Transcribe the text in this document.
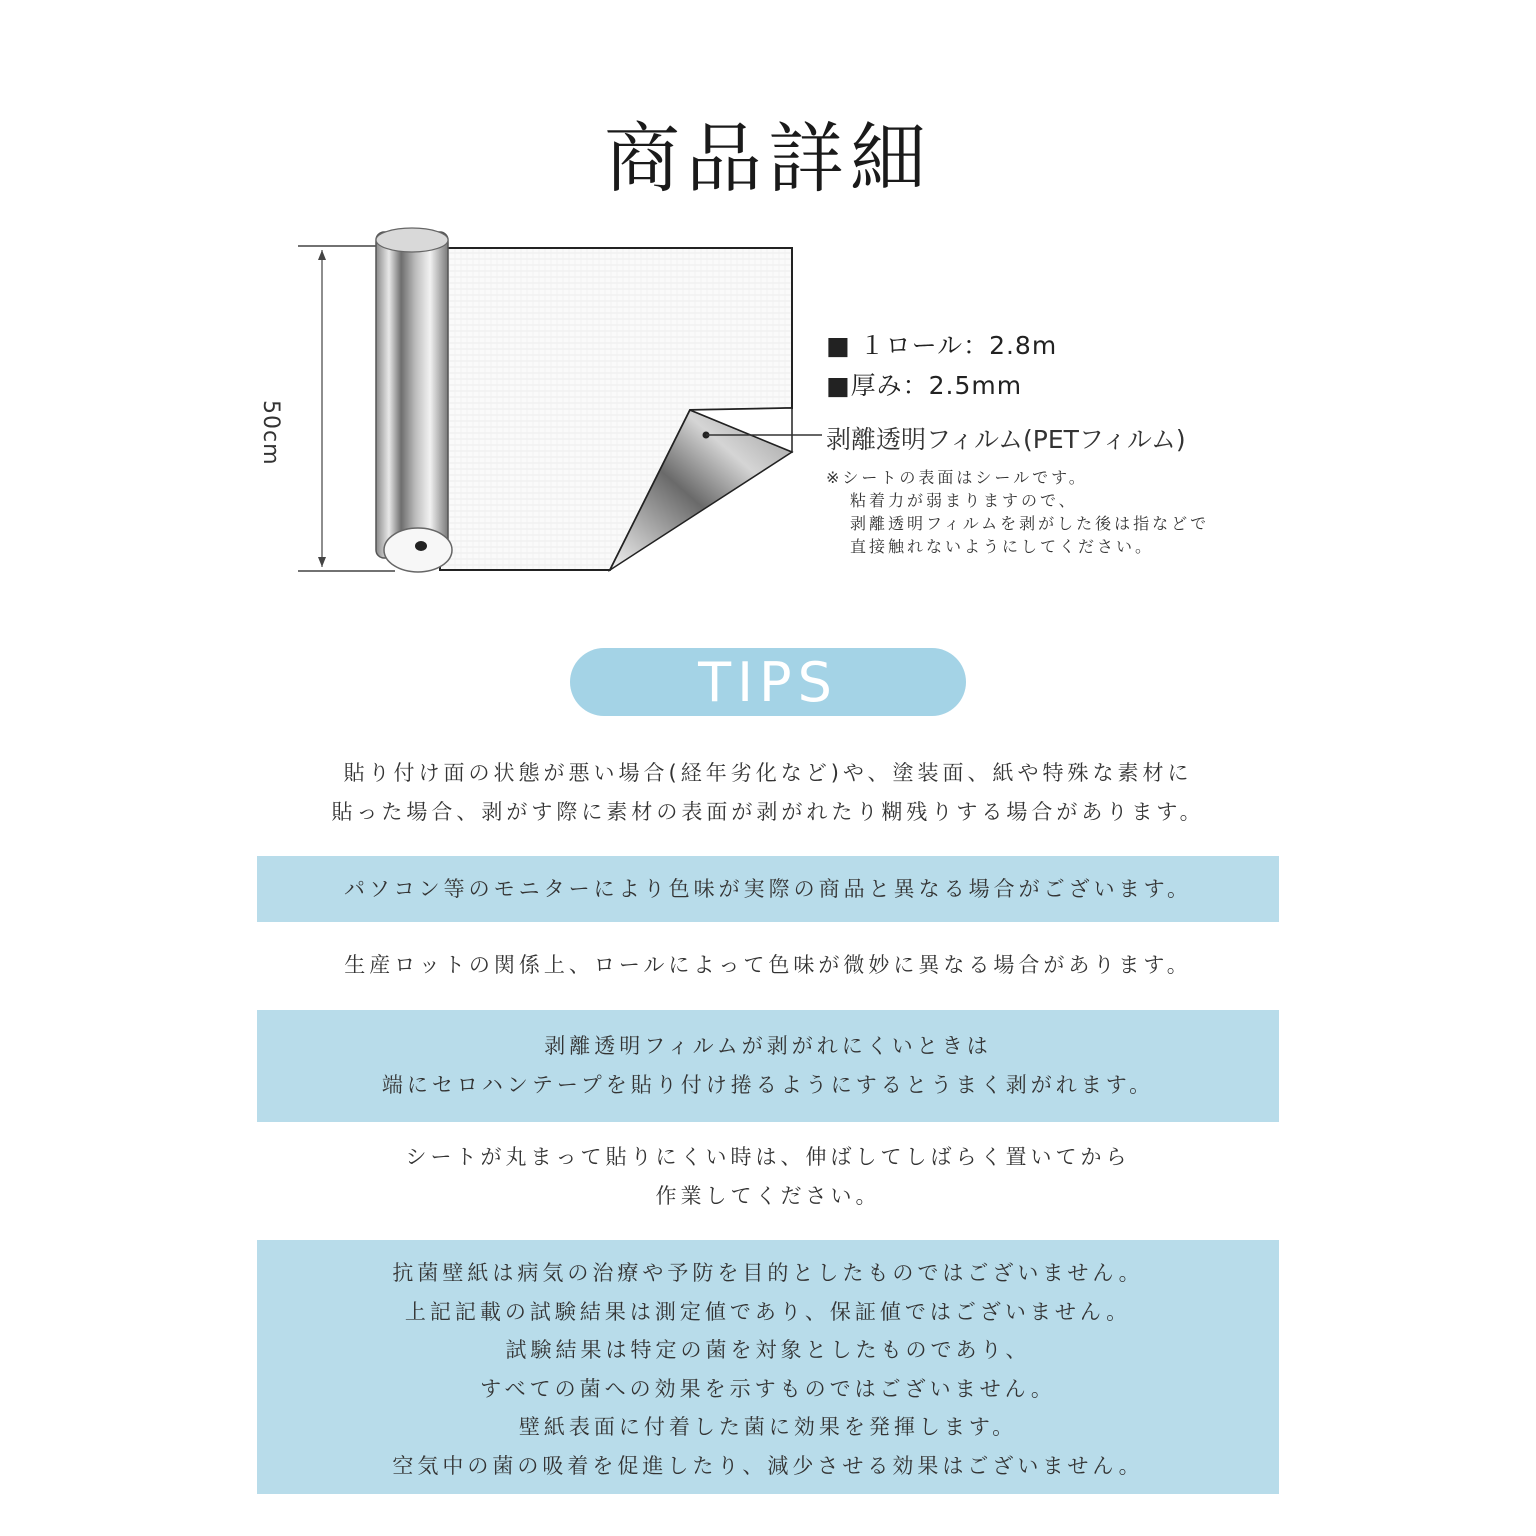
商品詳細
50cm
■ １ロール：2.8m
■厚み：2.5mm
剥離透明フィルム(PETフィルム)
※シートの表面はシールです。
粘着力が弱まりますので、
剥離透明フィルムを剥がした後は指などで
直接触れないようにしてください。
TIPS
貼り付け面の状態が悪い場合(経年劣化など)や、塗装面、紙や特殊な素材に
貼った場合、剥がす際に素材の表面が剥がれたり糊残りする場合があります。
パソコン等のモニターにより色味が実際の商品と異なる場合がございます。
生産ロットの関係上、ロールによって色味が微妙に異なる場合があります。
剥離透明フィルムが剥がれにくいときは
端にセロハンテープを貼り付け捲るようにするとうまく剥がれます。
シートが丸まって貼りにくい時は、伸ばしてしばらく置いてから
作業してください。
抗菌壁紙は病気の治療や予防を目的としたものではございません。
上記記載の試験結果は測定値であり、保証値ではございません。
試験結果は特定の菌を対象としたものであり、
すべての菌への効果を示すものではございません。
壁紙表面に付着した菌に効果を発揮します。
空気中の菌の吸着を促進したり、減少させる効果はございません。
